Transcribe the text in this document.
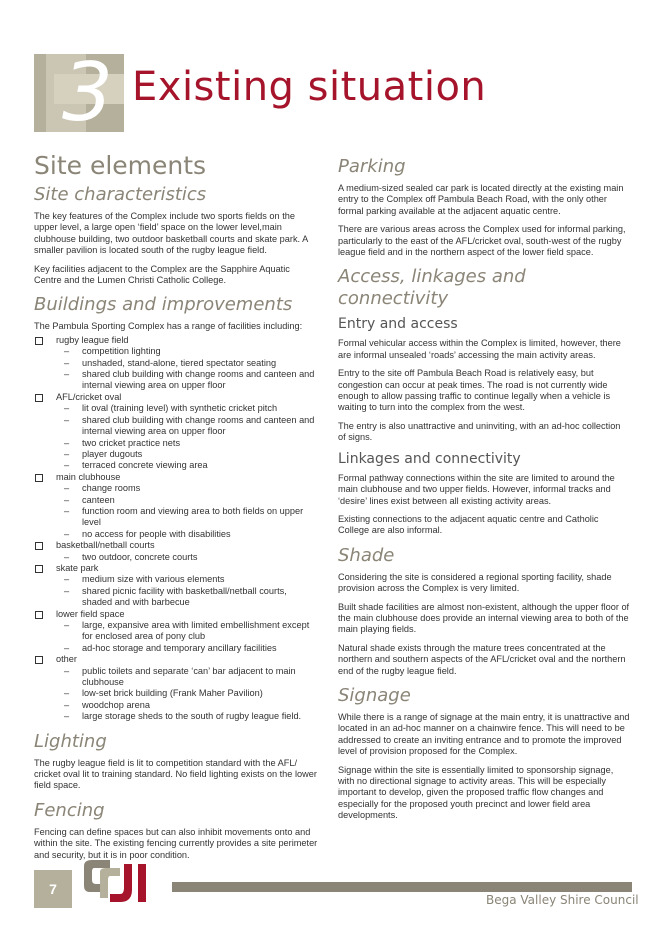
3 Existing situation
Site elements
Site characteristics

The key features of the Complex include two sports fields on the upper level, a large open ‘field’ space on the lower level,main clubhouse building, two outdoor basketball courts and skate park. A smaller pavilion is located south of the rugby league field.

Key facilities adjacent to the Complex are the Sapphire Aquatic Centre and the Lumen Christi Catholic College.

Buildings and improvements

The Pambula Sporting Complex has a range of facilities including:

rugby league field
– competition lighting
– unshaded, stand-alone, tiered spectator seating
– shared club building with change rooms and canteen and internal viewing area on upper floor
AFL/cricket oval
– lit oval (training level) with synthetic cricket pitch
– shared club building with change rooms and canteen and internal viewing area on upper floor
– two cricket practice nets
– player dugouts
– terraced concrete viewing area
main clubhouse
– change rooms
– canteen
– function room and viewing area to both fields on upper level
– no access for people with disabilities
basketball/netball courts
– two outdoor, concrete courts
skate park
– medium size with various elements
– shared picnic facility with basketball/netball courts, shaded and with barbecue
lower field space
– large, expansive area with limited embellishment except for enclosed area of pony club
– ad-hoc storage and temporary ancillary facilities
other
– public toilets and separate ‘can’ bar adjacent to main clubhouse
– low-set brick building (Frank Maher Pavilion)
– woodchop arena
– large storage sheds to the south of rugby league field.
Lighting

The rugby league field is lit to competition standard with the AFL/ cricket oval lit to training standard. No field lighting exists on the lower field space.

Fencing

Fencing can define spaces but can also inhibit movements onto and within the site. The existing fencing currently provides a site perimeter and security, but it is in poor condition.

Parking

A medium-sized sealed car park is located directly at the existing main entry to the Complex off Pambula Beach Road, with the only other formal parking available at the adjacent aquatic centre.

There are various areas across the Complex used for informal parking, particularly to the east of the AFL/cricket oval, south-west of the rugby league field and in the northern aspect of the lower field space.

Access, linkages and connectivity
Entry and access

Formal vehicular access within the Complex is limited, however, there are informal unsealed ‘roads’ accessing the main activity areas.

Entry to the site off Pambula Beach Road is relatively easy, but congestion can occur at peak times. The road is not currently wide enough to allow passing traffic to continue legally when a vehicle is waiting to turn into the complex from the west.

The entry is also unattractive and uninviting, with an ad-hoc collection of signs.

Linkages and connectivity

Formal pathway connections within the site are limited to around the main clubhouse and two upper fields. However, informal tracks and ‘desire’ lines exist between all existing activity areas.

Existing connections to the adjacent aquatic centre and Catholic College are also informal.

Shade

Considering the site is considered a regional sporting facility, shade provision across the Complex is very limited.

Built shade facilities are almost non-existent, although the upper floor of the main clubhouse does provide an internal viewing area to both of the main playing fields.

Natural shade exists through the mature trees concentrated at the northern and southern aspects of the AFL/cricket oval and the northern end of the rugby league field.

Signage

While there is a range of signage at the main entry, it is unattractive and located in an ad-hoc manner on a chainwire fence. This will need to be addressed to create an inviting entrance and to promote the improved level of provision proposed for the Complex.

Signage within the site is essentially limited to sponsorship signage, with no directional signage to activity areas. This will be especially important to develop, given the proposed traffic flow changes and especially for the proposed youth precinct and lower field area developments.

7
Bega Valley Shire Council
